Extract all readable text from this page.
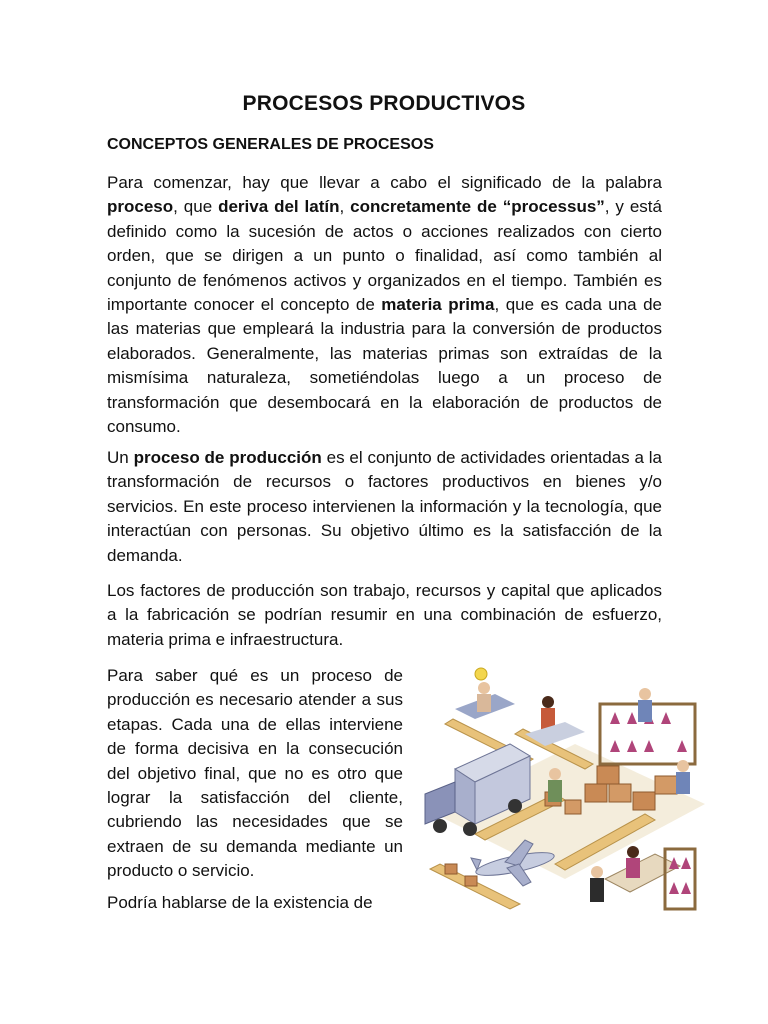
PROCESOS PRODUCTIVOS
CONCEPTOS GENERALES DE PROCESOS

Para comenzar, hay que llevar a cabo el significado de la palabra proceso, que deriva del latín, concretamente de “processus”, y está definido como la sucesión de actos o acciones realizados con cierto orden, que se dirigen a un punto o finalidad, así como también al conjunto de fenómenos activos y organizados en el tiempo. También es importante conocer el concepto de materia prima, que es cada una de las materias que empleará la industria para la conversión de productos elaborados. Generalmente, las materias primas son extraídas de la mismísima naturaleza, sometiéndolas luego a un proceso de transformación que desembocará en la elaboración de productos de consumo.

Un proceso de producción es el conjunto de actividades orientadas a la transformación de recursos o factores productivos en bienes y/o servicios. En este proceso intervienen la información y la tecnología, que interactúan con personas. Su objetivo último es la satisfacción de la demanda.

Los factores de producción son trabajo, recursos y capital que aplicados a la fabricación se podrían resumir en una combinación de esfuerzo, materia prima e infraestructura.

Para saber qué es un proceso de producción es necesario atender a sus etapas. Cada una de ellas interviene de forma decisiva en la consecución del objetivo final, que no es otro que lograr la satisfacción del cliente, cubriendo las necesidades que se extraen de su demanda mediante un producto o servicio.

Podría hablarse de la existencia de
